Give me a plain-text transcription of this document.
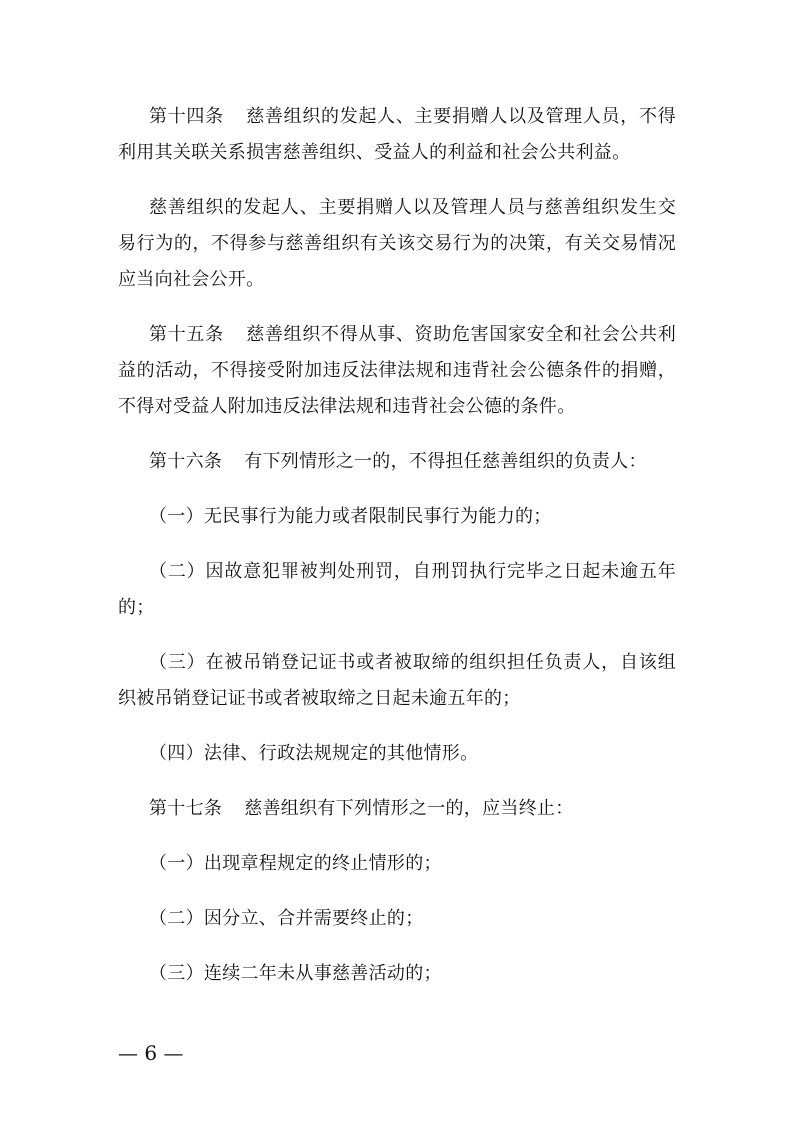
第十四条 慈善组织的发起人、主要捐赠人以及管理人员，不得利用其关联关系损害慈善组织、受益人的利益和社会公共利益。

慈善组织的发起人、主要捐赠人以及管理人员与慈善组织发生交易行为的，不得参与慈善组织有关该交易行为的决策，有关交易情况应当向社会公开。

第十五条 慈善组织不得从事、资助危害国家安全和社会公共利益的活动，不得接受附加违反法律法规和违背社会公德条件的捐赠，不得对受益人附加违反法律法规和违背社会公德的条件。

第十六条 有下列情形之一的，不得担任慈善组织的负责人：

（一）无民事行为能力或者限制民事行为能力的；

（二）因故意犯罪被判处刑罚，自刑罚执行完毕之日起未逾五年的；

（三）在被吊销登记证书或者被取缔的组织担任负责人，自该组织被吊销登记证书或者被取缔之日起未逾五年的；

（四）法律、行政法规规定的其他情形。

第十七条 慈善组织有下列情形之一的，应当终止：

（一）出现章程规定的终止情形的；

（二）因分立、合并需要终止的；

（三）连续二年未从事慈善活动的；

— 6 —
